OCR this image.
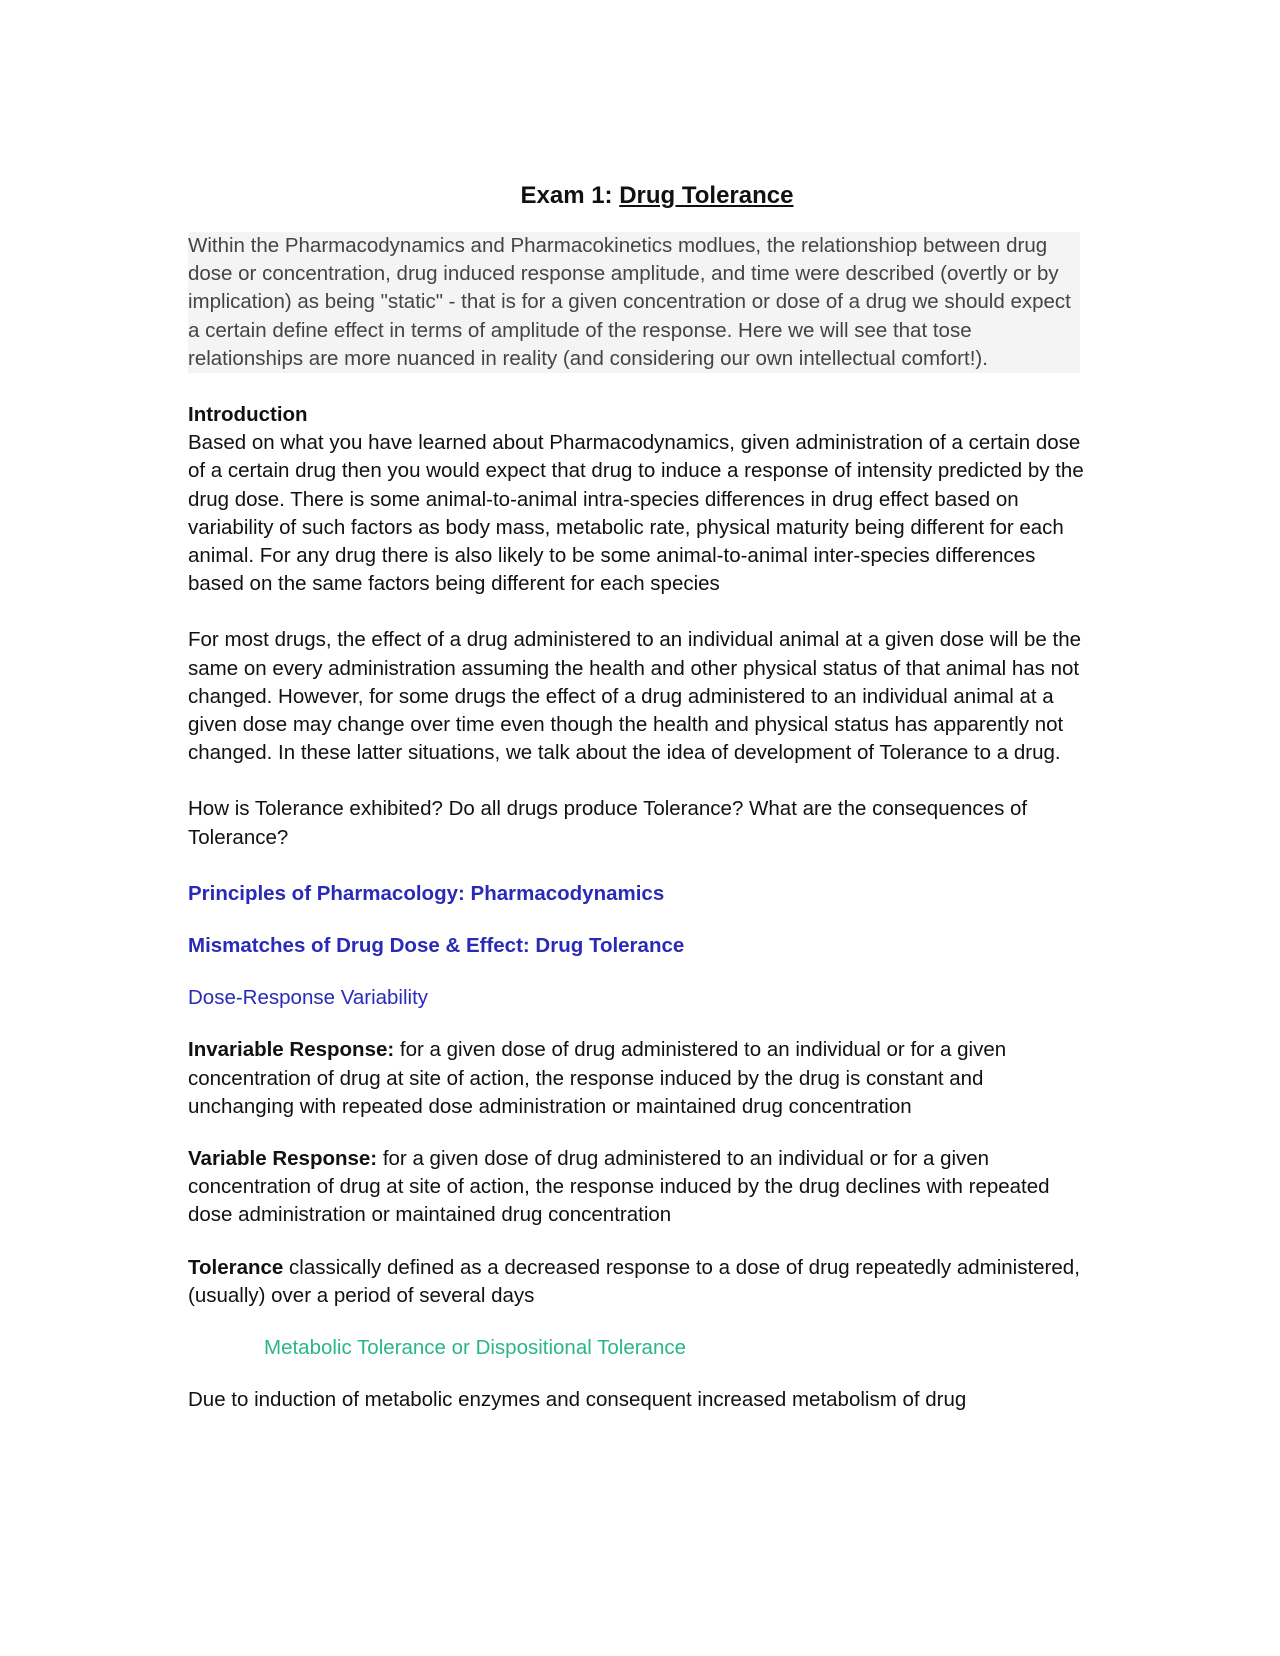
Exam 1: Drug Tolerance
Within the Pharmacodynamics and Pharmacokinetics modlues, the relationshiop between drug dose or concentration, drug induced response amplitude, and time were described (overtly or by implication) as being "static" - that is for a given concentration or dose of a drug we should expect a certain define effect in terms of amplitude of the response. Here we will see that tose relationships are more nuanced in reality (and considering our own intellectual comfort!).

Introduction

Based on what you have learned about Pharmacodynamics, given administration of a certain dose of a certain drug then you would expect that drug to induce a response of intensity predicted by the drug dose. There is some animal-to-animal intra-species differences in drug effect based on variability of such factors as body mass, metabolic rate, physical maturity being different for each animal. For any drug there is also likely to be some animal-to-animal inter-species differences based on the same factors being different for each species

For most drugs, the effect of a drug administered to an individual animal at a given dose will be the same on every administration assuming the health and other physical status of that animal has not changed. However, for some drugs the effect of a drug administered to an individual animal at a given dose may change over time even though the health and physical status has apparently not changed. In these latter situations, we talk about the idea of development of Tolerance to a drug.

How is Tolerance exhibited? Do all drugs produce Tolerance? What are the consequences of Tolerance?

Principles of Pharmacology: Pharmacodynamics

Mismatches of Drug Dose & Effect: Drug Tolerance

Dose-Response Variability

Invariable Response: for a given dose of drug administered to an individual or for a given concentration of drug at site of action, the response induced by the drug is constant and unchanging with repeated dose administration or maintained drug concentration

Variable Response: for a given dose of drug administered to an individual or for a given concentration of drug at site of action, the response induced by the drug declines with repeated dose administration or maintained drug concentration

Tolerance classically defined as a decreased response to a dose of drug repeatedly administered, (usually) over a period of several days

Metabolic Tolerance or Dispositional Tolerance

Due to induction of metabolic enzymes and consequent increased metabolism of drug
